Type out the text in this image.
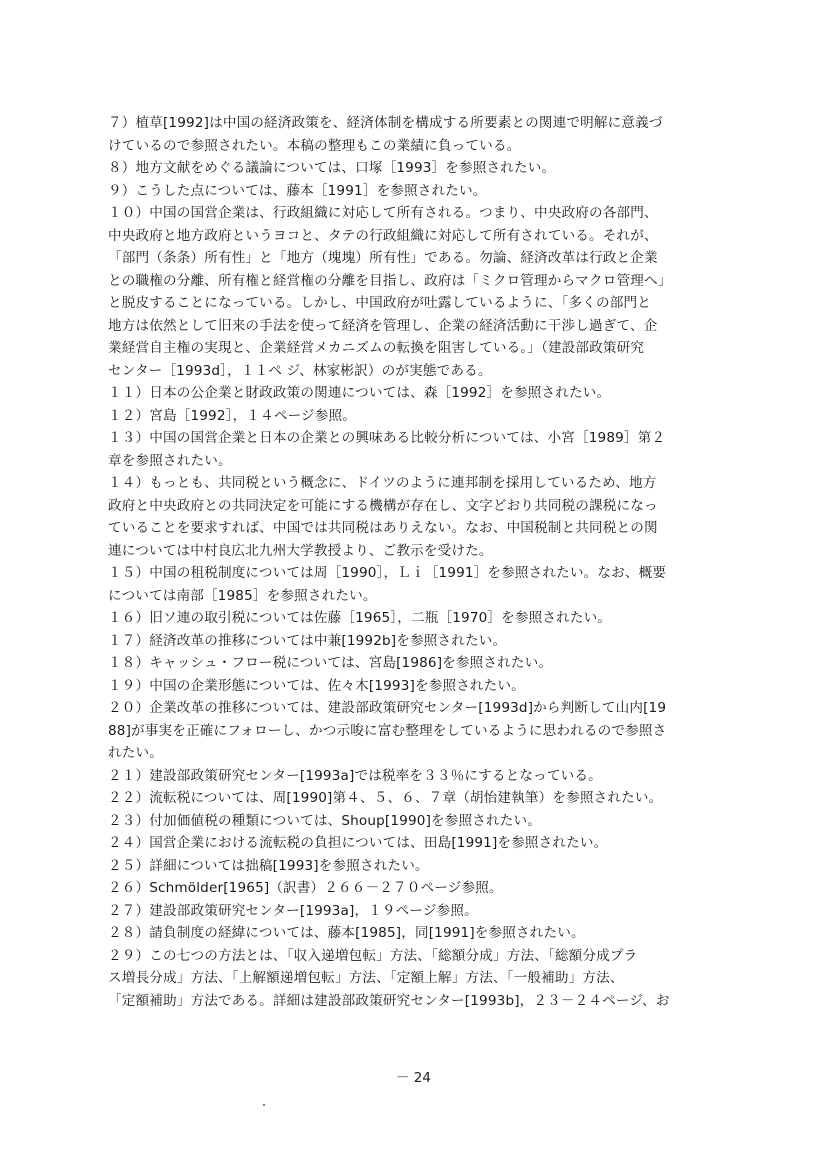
７）植草[1992]は中国の経済政策を、経済体制を構成する所要素との関連で明解に意義づ
けているので参照されたい。本稿の整理もこの業績に負っている。
８）地方文献をめぐる議論については、口塚［1993］を参照されたい。
９）こうした点については、藤本［1991］を参照されたい。
１０）中国の国営企業は、行政組織に対応して所有される。つまり、中央政府の各部門、
中央政府と地方政府というヨコと、タテの行政組織に対応して所有されている。それが、
「部門（条条）所有性」と「地方（塊塊）所有性」である。勿論、経済改革は行政と企業
との職権の分離、所有権と経営権の分離を目指し、政府は「ミクロ管理からマクロ管理へ」
と脱皮することになっている。しかし、中国政府が吐露しているように、「多くの部門と
地方は依然として旧来の手法を使って経済を管理し、企業の経済活動に干渉し過ぎて、企
業経営自主権の実現と、企業経営メカニズムの転換を阻害している。」（建設部政策研究
センター［1993d］，１１ペ ジ、林家彬訳）のが実態である。
１１）日本の公企業と財政政策の関連については、森［1992］を参照されたい。
１２）宮島［1992］，１４ページ参照。
１３）中国の国営企業と日本の企業との興味ある比較分析については、小宮［1989］第２
章を参照されたい。
１４）もっとも、共同税という概念に、ドイツのように連邦制を採用しているため、地方
政府と中央政府との共同決定を可能にする機構が存在し、文字どおり共同税の課税になっ
ていることを要求すれば、中国では共同税はありえない。なお、中国税制と共同税との関
連については中村良広北九州大学教授より、ご教示を受けた。
１５）中国の租税制度については周［1990］，Ｌｉ［1991］を参照されたい。なお、概要
については南部［1985］を参照されたい。
１６）旧ソ連の取引税については佐藤［1965］，二瓶［1970］を参照されたい。
１７）経済改革の推移については中兼[1992b]を参照されたい。
１８）キャッシュ・フロー税については、宮島[1986]を参照されたい。
１９）中国の企業形態については、佐々木[1993]を参照されたい。
２０）企業改革の推移については、建設部政策研究センター[1993d]から判断して山内[19
88]が事実を正確にフォローし、かつ示唆に富む整理をしているように思われるので参照さ
れたい。
２１）建設部政策研究センター[1993a]では税率を３３％にするとなっている。
２２）流転税については、周[1990]第４、５、６、７章（胡怡建執筆）を参照されたい。
２３）付加価値税の種類については、Shoup[1990]を参照されたい。
２４）国営企業における流転税の負担については、田島[1991]を参照されたい。
２５）詳細については拙稿[1993]を参照されたい。
２６）Schmölder[1965]（訳書）２６６－２７０ページ参照。
２７）建設部政策研究センター[1993a]，１９ページ参照。
２８）請負制度の経緯については、藤本[1985]，同[1991]を参照されたい。
２９）この七つの方法とは、「収入递増包転」方法、「総額分成」方法、「総額分成プラ
ス増長分成」方法、「上解額递増包転」方法、「定額上解」方法、「一般補助」方法、
「定額補助」方法である。詳細は建設部政策研究センター[1993b]，２３－２４ページ、お
－ 24
